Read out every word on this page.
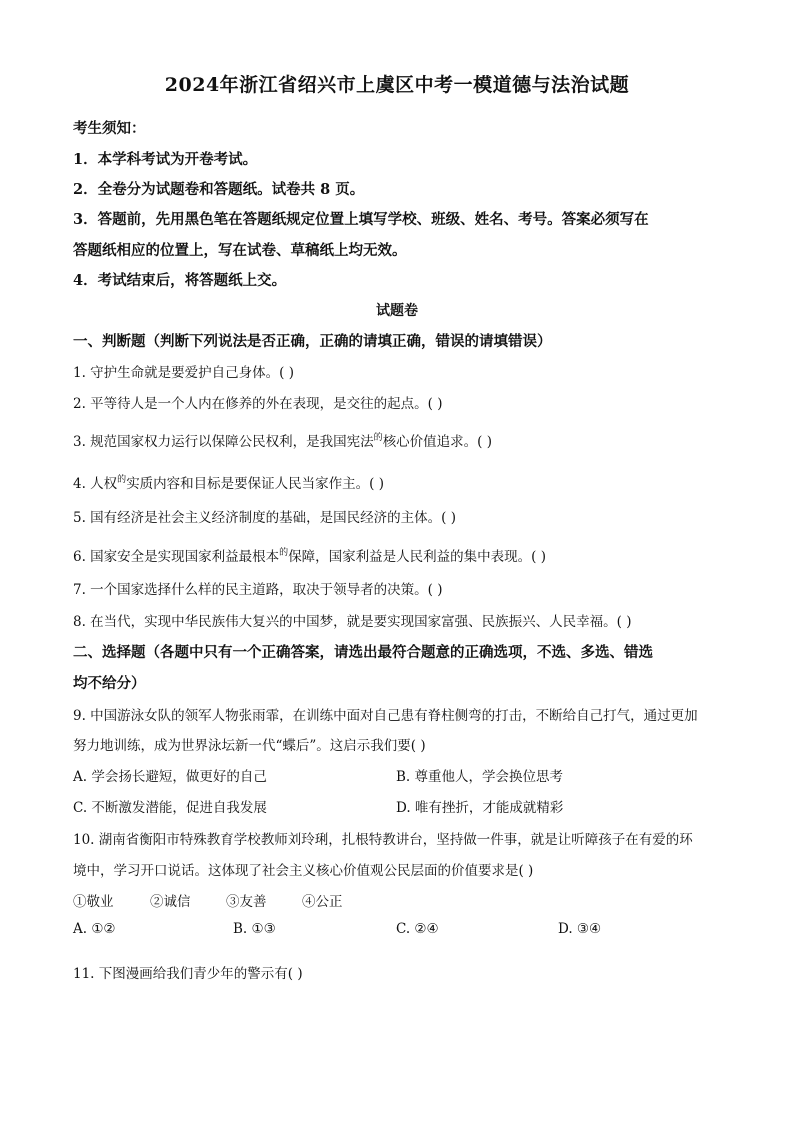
2024年浙江省绍兴市上虞区中考一模道德与法治试题
考生须知：
1．本学科考试为开卷考试。
2．全卷分为试题卷和答题纸。试卷共 8 页。
3．答题前，先用黑色笔在答题纸规定位置上填写学校、班级、姓名、考号。答案必须写在
答题纸相应的位置上，写在试卷、草稿纸上均无效。
4．考试结束后，将答题纸上交。
试题卷
一、判断题（判断下列说法是否正确，正确的请填正确，错误的请填错误）
1. 守护生命就是要爱护自己身体。( )
2. 平等待人是一个人内在修养的外在表现，是交往的起点。( )
3. 规范国家权力运行以保障公民权利，是我国宪法$^的$核心价值追求。( )
4. 人权$^的$实质内容和目标是要保证人民当家作主。( )
5. 国有经济是社会主义经济制度的基础，是国民经济的主体。( )
6. 国家安全是实现国家利益最根本$^的$保障，国家利益是人民利益的集中表现。( )
7. 一个国家选择什么样的民主道路，取决于领导者的决策。( )
8. 在当代，实现中华民族伟大复兴的中国梦，就是要实现国家富强、民族振兴、人民幸福。( )
二、选择题（各题中只有一个正确答案，请选出最符合题意的正确选项，不选、多选、错选
均不给分）
9. 中国游泳女队的领军人物张雨霏，在训练中面对自己患有脊柱侧弯的打击，不断给自己打气，通过更加
努力地训练，成为世界泳坛新一代“蝶后”。这启示我们要( )
A. 学会扬长避短，做更好的自己	B. 尊重他人，学会换位思考
C. 不断激发潜能，促进自我发展	D. 唯有挫折，才能成就精彩
10. 湖南省衡阳市特殊教育学校教师刘玲琍，扎根特教讲台，坚持做一件事，就是让听障孩子在有爱的环
境中，学习开口说话。这体现了社会主义核心价值观公民层面的价值要求是( )
①敬业	②诚信	③友善	④公正
A. ①②	B. ①③	C. ②④	D. ③④
11. 下图漫画给我们青少年的警示有( )
